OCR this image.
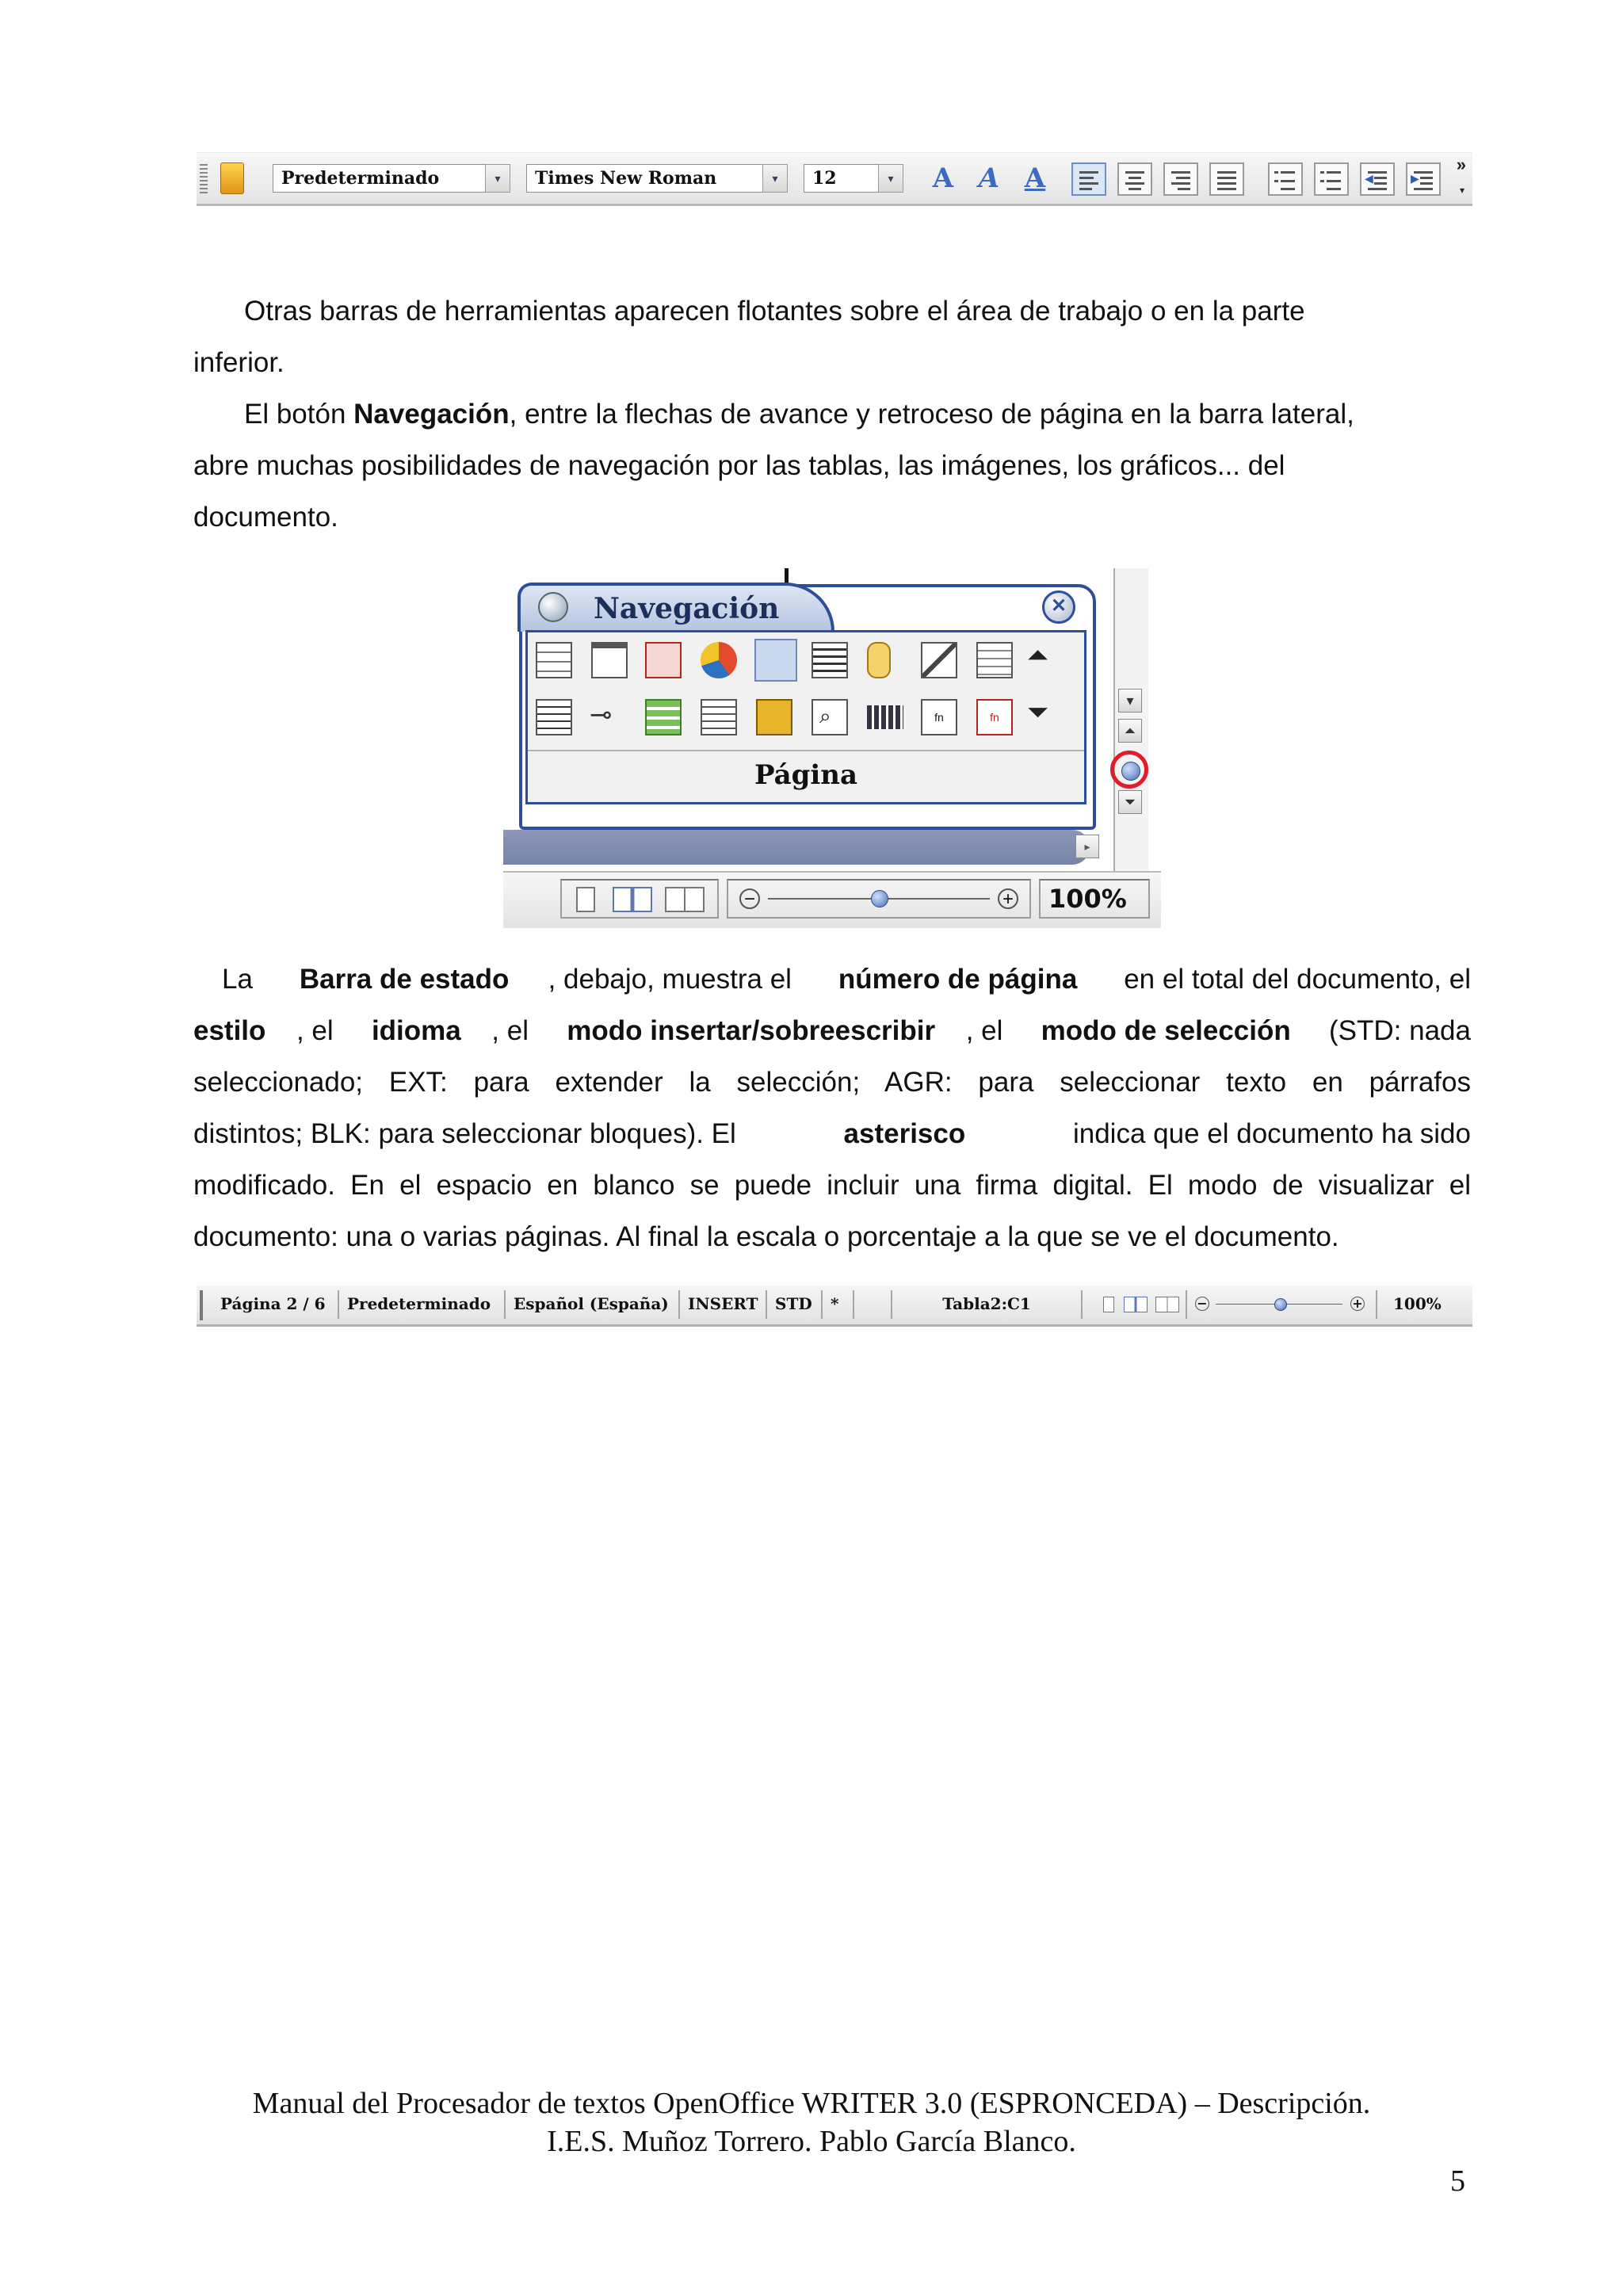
Predeterminado	▾	Times New Roman	▾	12	▾	A A A	◀	▶
»
▾
Otras barras de herramientas aparecen flotantes sobre el área de trabajo o en la parte
inferior.
El botón Navegación, entre la flechas de avance y retroceso de página en la barra lateral,
abre muchas posibilidades de navegación por las tablas, las imágenes, los gráficos... del
documento.
Navegación	✕
⏶
⊸	⌕	fn	fn	⏷
Página
▾
⏶
⏷
▸
−	+	100%
La Barra de estado , debajo, muestra el número de página en el total del documento, el
estilo , el idioma , el modo insertar/sobreescribir , el modo de selección (STD: nada
seleccionado; EXT: para extender la selección; AGR: para seleccionar texto en párrafos
distintos; BLK: para seleccionar bloques). El	asterisco	indica que el documento ha sido
modificado. En el espacio en blanco se puede incluir una firma digital. El modo de visualizar el
documento: una o varias páginas. Al final la escala o porcentaje a la que se ve el documento.
Página 2 / 6	Predeterminado	Español (España)	INSERT	STD	*	Tabla2:C1	−	+	100%
Manual del Procesador de textos OpenOffice WRITER 3.0 (ESPRONCEDA) – Descripción.
I.E.S. Muñoz Torrero. Pablo García Blanco.
5
